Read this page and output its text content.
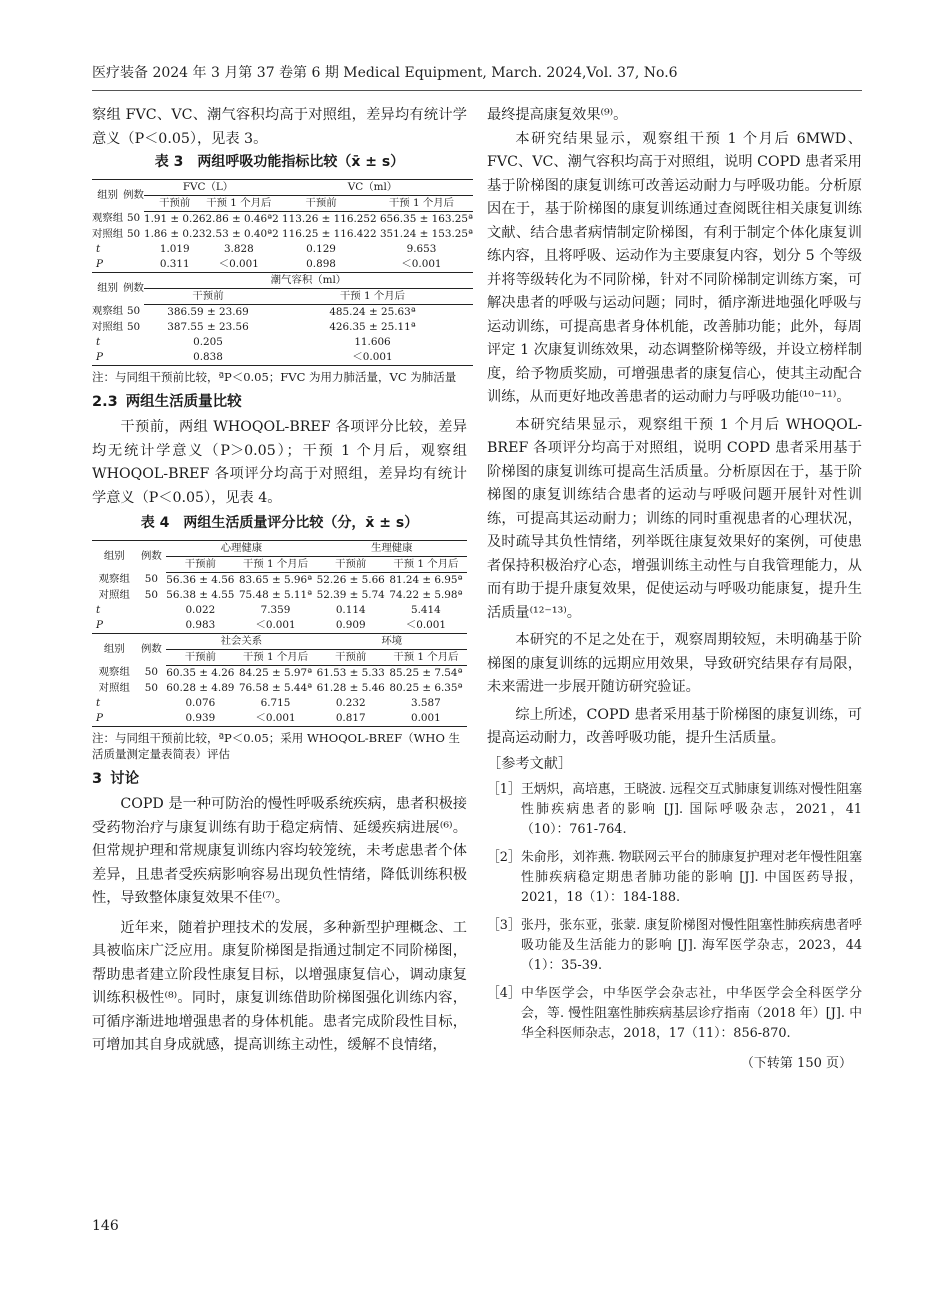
医疗装备 2024 年 3 月第 37 卷第 6 期 Medical Equipment, March. 2024,Vol. 37, No.6

察组 FVC、VC、潮气容积均高于对照组，差异均有统计学意义（P＜0.05），见表 3。

表 3　两组呼吸功能指标比较（x̄ ± s）
组别	例数	FVC（L）		VC（ml）	
		干预前	干预 1 个月后	干预前	干预 1 个月后
观察组	50	1.91 ± 0.26	2.86 ± 0.46ª	2 113.26 ± 116.25	2 656.35 ± 163.25ª
对照组	50	1.86 ± 0.23	2.53 ± 0.40ª	2 116.25 ± 116.42	2 351.24 ± 153.25ª
t		1.019	3.828	0.129	9.653
P		0.311	＜0.001	0.898	＜0.001
组别	例数	潮气容积（ml）			
		干预前		干预 1 个月后	
观察组	50	386.59 ± 23.69		485.24 ± 25.63ª	
对照组	50	387.55 ± 23.56		426.35 ± 25.11ª	
t		0.205		11.606	
P		0.838		＜0.001	
注：与同组干预前比较，ªP＜0.05；FVC 为用力肺活量，VC 为肺活量
2.3 两组生活质量比较

干预前，两组 WHOQOL-BREF 各项评分比较，差异均无统计学意义（P＞0.05）；干预 1 个月后，观察组 WHOQOL-BREF 各项评分均高于对照组，差异均有统计学意义（P＜0.05），见表 4。

表 4　两组生活质量评分比较（分，x̄ ± s）
组别	例数	心理健康		生理健康	
		干预前	干预 1 个月后	干预前	干预 1 个月后
观察组	50	56.36 ± 4.56	83.65 ± 5.96ª	52.26 ± 5.66	81.24 ± 6.95ª
对照组	50	56.38 ± 4.55	75.48 ± 5.11ª	52.39 ± 5.74	74.22 ± 5.98ª
t		0.022	7.359	0.114	5.414
P		0.983	＜0.001	0.909	＜0.001
组别	例数	社会关系		环境	
		干预前	干预 1 个月后	干预前	干预 1 个月后
观察组	50	60.35 ± 4.26	84.25 ± 5.97ª	61.53 ± 5.33	85.25 ± 7.54ª
对照组	50	60.28 ± 4.89	76.58 ± 5.44ª	61.28 ± 5.46	80.25 ± 6.35ª
t		0.076	6.715	0.232	3.587
P		0.939	＜0.001	0.817	0.001
注：与同组干预前比较，ªP＜0.05；采用 WHOQOL-BREF（WHO 生活质量测定量表简表）评估
3 讨论

COPD 是一种可防治的慢性呼吸系统疾病，患者积极接受药物治疗与康复训练有助于稳定病情、延缓疾病进展⁽⁶⁾。但常规护理和常规康复训练内容均较笼统，未考虑患者个体差异，且患者受疾病影响容易出现负性情绪，降低训练积极性，导致整体康复效果不佳⁽⁷⁾。

近年来，随着护理技术的发展，多种新型护理概念、工具被临床广泛应用。康复阶梯图是指通过制定不同阶梯图，帮助患者建立阶段性康复目标，以增强康复信心，调动康复训练积极性⁽⁸⁾。同时，康复训练借助阶梯图强化训练内容，可循序渐进地增强患者的身体机能。患者完成阶段性目标，可增加其自身成就感，提高训练主动性，缓解不良情绪，

最终提高康复效果⁽⁹⁾。

本研究结果显示，观察组干预 1 个月后 6MWD、FVC、VC、潮气容积均高于对照组，说明 COPD 患者采用基于阶梯图的康复训练可改善运动耐力与呼吸功能。分析原因在于，基于阶梯图的康复训练通过查阅既往相关康复训练文献、结合患者病情制定阶梯图，有利于制定个体化康复训练内容，且将呼吸、运动作为主要康复内容，划分 5 个等级并将等级转化为不同阶梯，针对不同阶梯制定训练方案，可解决患者的呼吸与运动问题；同时，循序渐进地强化呼吸与运动训练，可提高患者身体机能，改善肺功能；此外，每周评定 1 次康复训练效果，动态调整阶梯等级，并设立榜样制度，给予物质奖励，可增强患者的康复信心，使其主动配合训练，从而更好地改善患者的运动耐力与呼吸功能⁽¹⁰⁻¹¹⁾。

本研究结果显示，观察组干预 1 个月后 WHOQOL-BREF 各项评分均高于对照组，说明 COPD 患者采用基于阶梯图的康复训练可提高生活质量。分析原因在于，基于阶梯图的康复训练结合患者的运动与呼吸问题开展针对性训练，可提高其运动耐力；训练的同时重视患者的心理状况，及时疏导其负性情绪，列举既往康复效果好的案例，可使患者保持积极治疗心态，增强训练主动性与自我管理能力，从而有助于提升康复效果，促使运动与呼吸功能康复，提升生活质量⁽¹²⁻¹³⁾。

本研究的不足之处在于，观察周期较短，未明确基于阶梯图的康复训练的远期应用效果，导致研究结果存有局限，未来需进一步展开随访研究验证。

综上所述，COPD 患者采用基于阶梯图的康复训练，可提高运动耐力，改善呼吸功能，提升生活质量。

［参考文献］
［1］ 王炳炽，高培惠，王晓波. 远程交互式肺康复训练对慢性阻塞性肺疾病患者的影响 [J]. 国际呼吸杂志，2021，41（10）：761-764.
［2］ 朱俞彤，刘祚燕. 物联网云平台的肺康复护理对老年慢性阻塞性肺疾病稳定期患者肺功能的影响 [J]. 中国医药导报，2021，18（1）：184-188.
［3］ 张丹，张东亚，张蒙. 康复阶梯图对慢性阻塞性肺疾病患者呼吸功能及生活能力的影响 [J]. 海军医学杂志，2023，44（1）：35-39.
［4］ 中华医学会，中华医学会杂志社，中华医学会全科医学分会，等. 慢性阻塞性肺疾病基层诊疗指南（2018 年）[J]. 中华全科医师杂志，2018，17（11）：856-870.
（下转第 150 页）
146
